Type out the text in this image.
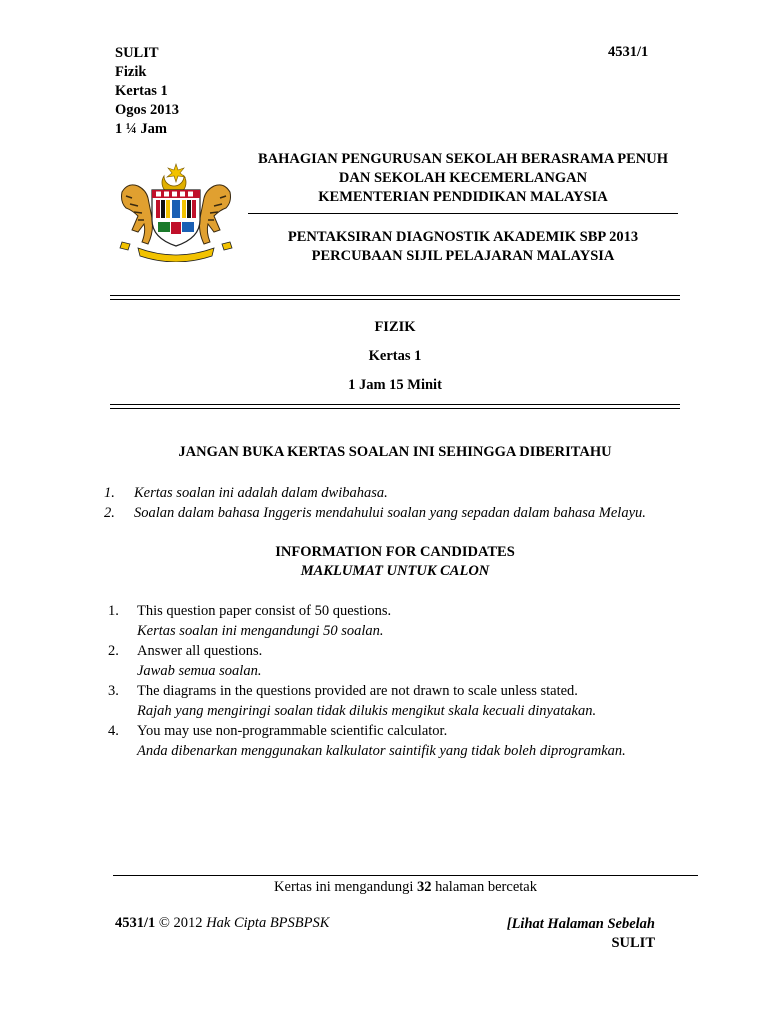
SULIT
Fizik
Kertas 1
Ogos 2013
1 ¼ Jam
4531/1
BAHAGIAN PENGURUSAN SEKOLAH BERASRAMA PENUH
DAN SEKOLAH KECEMERLANGAN
KEMENTERIAN PENDIDIKAN MALAYSIA
PENTAKSIRAN DIAGNOSTIK AKADEMIK SBP 2013
PERCUBAAN SIJIL PELAJARAN MALAYSIA
FIZIK
Kertas 1
1 Jam 15 Minit
JANGAN BUKA KERTAS SOALAN INI SEHINGGA DIBERITAHU
1.	Kertas soalan ini adalah dalam dwibahasa.
2.	Soalan dalam bahasa Inggeris mendahului soalan yang sepadan dalam bahasa Melayu.
INFORMATION FOR CANDIDATES
MAKLUMAT UNTUK CALON
1.	This question paper consist of 50 questions.
Kertas soalan ini mengandungi 50 soalan.
2.	Answer all questions.
Jawab semua soalan.
3.	The diagrams in the questions provided are not drawn to scale unless stated.
Rajah yang mengiringi soalan tidak dilukis mengikut skala kecuali dinyatakan.
4.	You may use non-programmable scientific calculator.
Anda dibenarkan menggunakan kalkulator saintifik yang tidak boleh diprogramkan.
Kertas ini mengandungi 32 halaman bercetak
4531/1 © 2012 Hak Cipta BPSBPSK	[Lihat Halaman Sebelah
SULIT
